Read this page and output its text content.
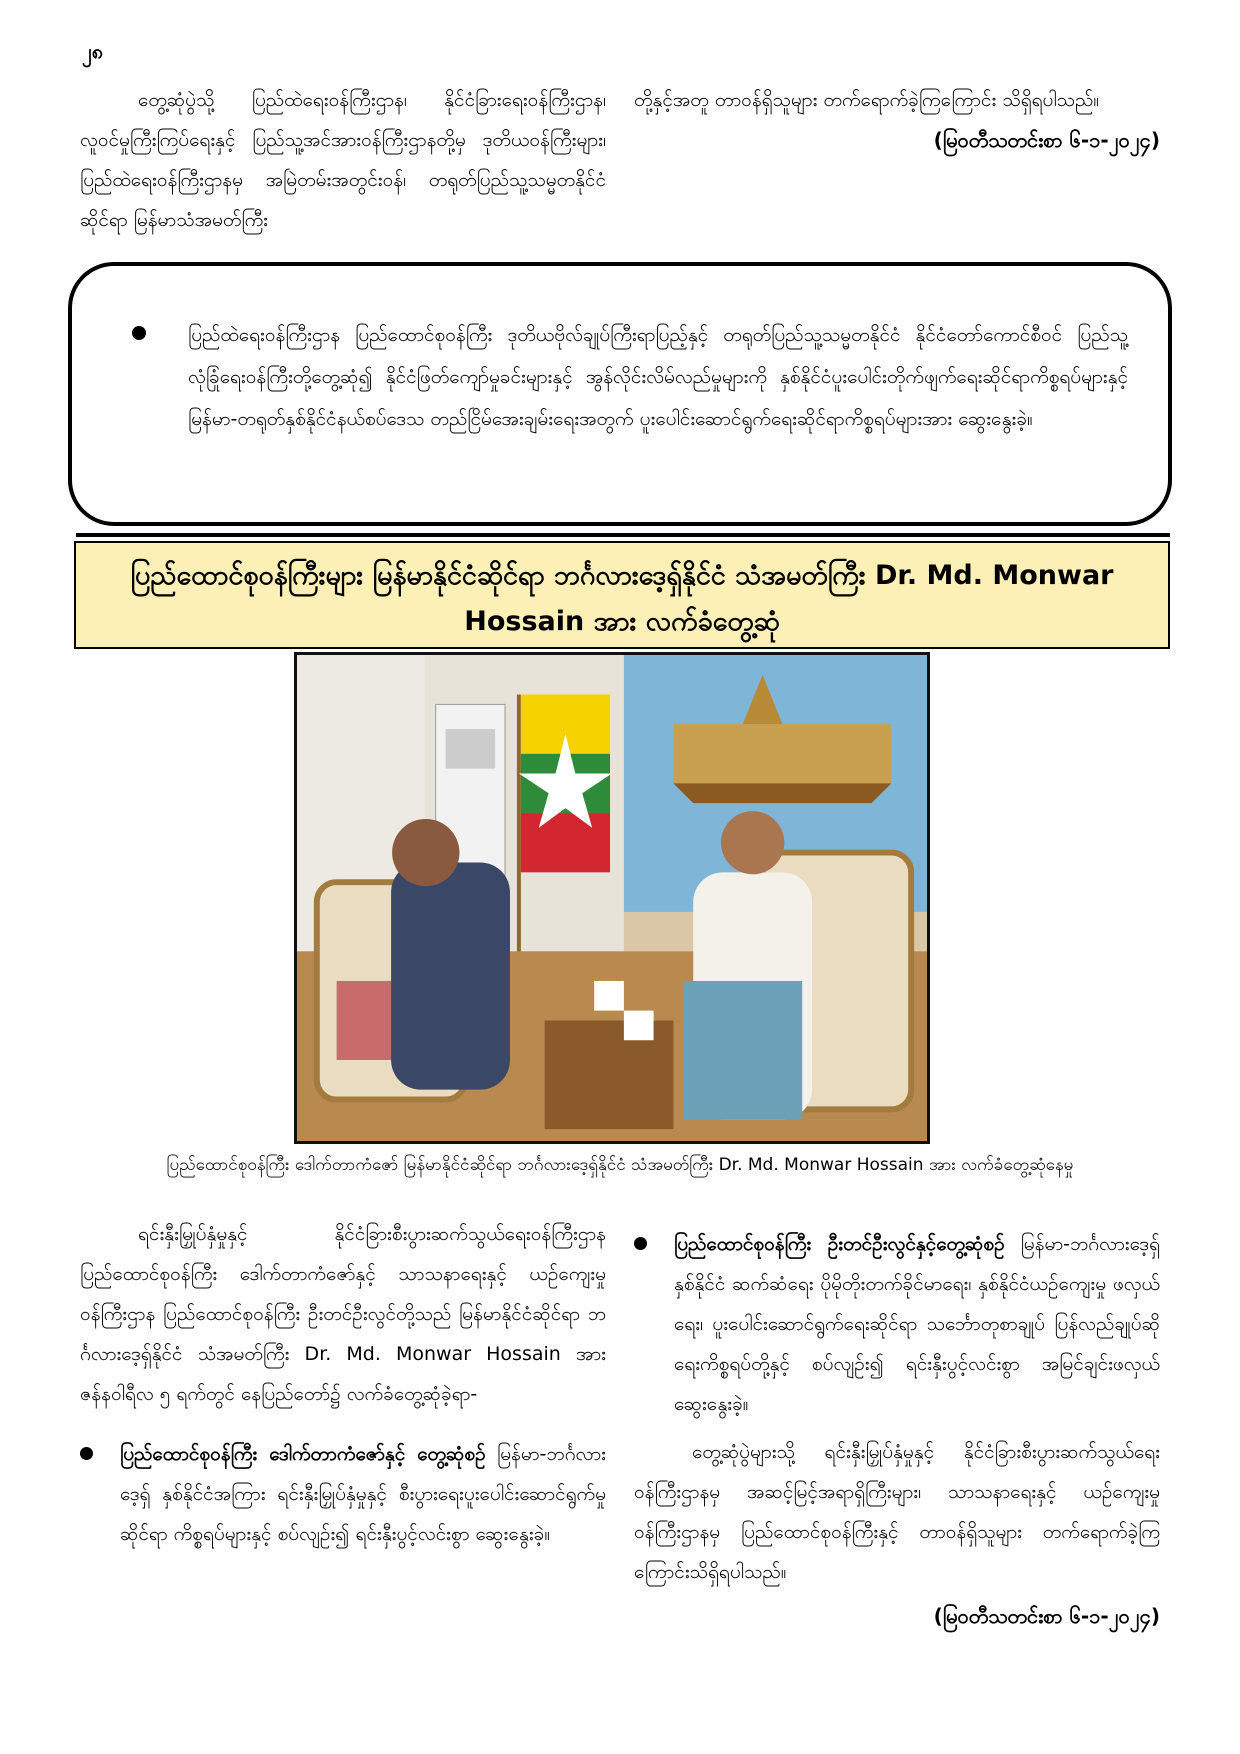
၂၈

တွေ့ဆုံပွဲသို့ ပြည်ထဲရေးဝန်ကြီးဌာန၊ နိုင်ငံခြားရေးဝန်ကြီးဌာန၊ လူဝင်မှုကြီးကြပ်ရေးနှင့် ပြည်သူ့အင်အားဝန်ကြီးဌာနတို့မှ ဒုတိယဝန်ကြီးများ၊ ပြည်ထဲရေးဝန်ကြီးဌာနမှ အမြဲတမ်းအတွင်းဝန်၊ တရုတ်ပြည်သူ့သမ္မတနိုင်ငံဆိုင်ရာ မြန်မာသံအမတ်ကြီး

တို့နှင့်အတူ တာဝန်ရှိသူများ တက်ရောက်ခဲ့ကြကြောင်း သိရှိရပါသည်။

(မြဝတီသတင်းစာ ၆-၁-၂၀၂၄)
ပြည်ထဲရေးဝန်ကြီးဌာန ပြည်ထောင်စုဝန်ကြီး ဒုတိယဗိုလ်ချုပ်ကြီးရာပြည့်နှင့် တရုတ်ပြည်သူ့သမ္မတနိုင်ငံ နိုင်ငံတော်ကောင်စီဝင် ပြည်သူ့လုံခြုံရေးဝန်ကြီးတို့တွေ့ဆုံ၍ နိုင်ငံဖြတ်ကျော်မှုခင်းများနှင့် အွန်လိုင်းလိမ်လည်မှုများကို နှစ်နိုင်ငံပူးပေါင်းတိုက်ဖျက်ရေးဆိုင်ရာကိစ္စရပ်များနှင့် မြန်မာ-တရုတ်နှစ်နိုင်ငံနယ်စပ်ဒေသ တည်ငြိမ်အေးချမ်းရေးအတွက် ပူးပေါင်းဆောင်ရွက်ရေးဆိုင်ရာကိစ္စရပ်များအား ဆွေးနွေးခဲ့။
ပြည်ထောင်စုဝန်ကြီးများ မြန်မာနိုင်ငံဆိုင်ရာ ဘင်္ဂလားဒေ့ရှ်နိုင်ငံ သံအမတ်ကြီး Dr. Md. Monwar Hossain အား လက်ခံတွေ့ဆုံ
ပြည်ထောင်စုဝန်ကြီး ဒေါက်တာကံဇော် မြန်မာနိုင်ငံဆိုင်ရာ ဘင်္ဂလားဒေ့ရှ်နိုင်ငံ သံအမတ်ကြီး Dr. Md. Monwar Hossain အား လက်ခံတွေ့ဆုံနေမှု

ရင်းနှီးမြှုပ်နှံမှုနှင့် နိုင်ငံခြားစီးပွားဆက်သွယ်ရေးဝန်ကြီးဌာန ပြည်ထောင်စုဝန်ကြီး ဒေါက်တာကံဇော်နှင့် သာသနာရေးနှင့် ယဉ်ကျေးမှုဝန်ကြီးဌာန ပြည်ထောင်စုဝန်ကြီး ဦးတင်ဦးလွင်တို့သည် မြန်မာနိုင်ငံဆိုင်ရာ ဘင်္ဂလားဒေ့ရှ်နိုင်ငံ သံအမတ်ကြီး Dr. Md. Monwar Hossain အား ဇန်နဝါရီလ ၅ ရက်တွင် နေပြည်တော်၌ လက်ခံတွေ့ဆုံခဲ့ရာ-

ပြည်ထောင်စုဝန်ကြီး ဒေါက်တာကံဇော်နှင့် တွေ့ဆုံစဉ် မြန်မာ-ဘင်္ဂလားဒေ့ရှ် နှစ်နိုင်ငံအကြား ရင်းနှီးမြှုပ်နှံမှုနှင့် စီးပွားရေးပူးပေါင်းဆောင်ရွက်မှုဆိုင်ရာ ကိစ္စရပ်များနှင့် စပ်လျဉ်း၍ ရင်းနှီးပွင့်လင်းစွာ ဆွေးနွေးခဲ့။
ပြည်ထောင်စုဝန်ကြီး ဦးတင်ဦးလွင်နှင့်တွေ့ဆုံစဉ် မြန်မာ-ဘင်္ဂလားဒေ့ရှ် နှစ်နိုင်ငံ ဆက်ဆံရေး ပိုမိုတိုးတက်ခိုင်မာရေး၊ နှစ်နိုင်ငံယဉ်ကျေးမှု ဖလှယ်ရေး၊ ပူးပေါင်းဆောင်ရွက်ရေးဆိုင်ရာ သင်္ဘောတုစာချုပ် ပြန်လည်ချုပ်ဆိုရေးကိစ္စရပ်တို့နှင့် စပ်လျဉ်း၍ ရင်းနှီးပွင့်လင်းစွာ အမြင်ချင်းဖလှယ်ဆွေးနွေးခဲ့။

တွေ့ဆုံပွဲများသို့ ရင်းနှီးမြှုပ်နှံမှုနှင့် နိုင်ငံခြားစီးပွားဆက်သွယ်ရေးဝန်ကြီးဌာနမှ အဆင့်မြင့်အရာရှိကြီးများ၊ သာသနာရေးနှင့် ယဉ်ကျေးမှုဝန်ကြီးဌာနမှ ပြည်ထောင်စုဝန်ကြီးနှင့် တာဝန်ရှိသူများ တက်ရောက်ခဲ့ကြကြောင်းသိရှိရပါသည်။

(မြဝတီသတင်းစာ ၆-၁-၂၀၂၄)
